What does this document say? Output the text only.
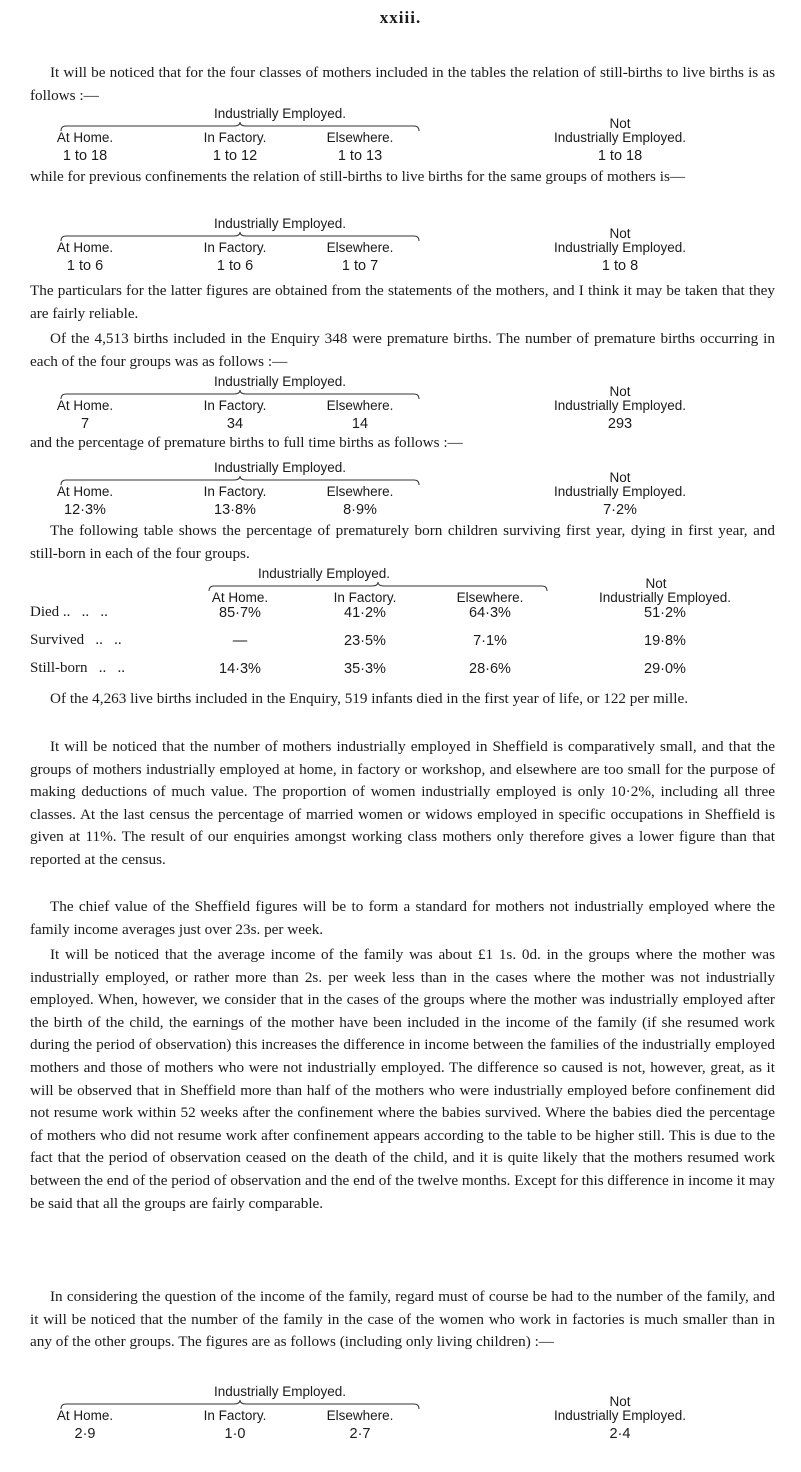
xxiii.

It will be noticed that for the four classes of mothers included in the tables the relation of still-births to live births is as follows :—

Industrially Employed.
Not
At Home.	In Factory.	Elsewhere.	Industrially Employed.
1 to 18	1 to 12	1 to 13	1 to 18

while for previous confinements the relation of still-births to live births for the same groups of mothers is—

Industrially Employed.
Not
At Home.	In Factory.	Elsewhere.	Industrially Employed.
1 to 6	1 to 6	1 to 7	1 to 8

The particulars for the latter figures are obtained from the statements of the mothers, and I think it may be taken that they are fairly reliable.

Of the 4,513 births included in the Enquiry 348 were premature births. The number of premature births occurring in each of the four groups was as follows :—

Industrially Employed.
Not
At Home.	In Factory.	Elsewhere.	Industrially Employed.
7	34	14	293

and the percentage of premature births to full time births as follows :—

Industrially Employed.
Not
At Home.	In Factory.	Elsewhere.	Industrially Employed.
12·3%	13·8%	8·9%	7·2%

The following table shows the percentage of prematurely born children surviving first year, dying in first year, and still-born in each of the four groups.

Industrially Employed.
Not
At Home.	In Factory.	Elsewhere.	Industrially Employed.
Died ..   ..   ..	85·7%	41·2%	64·3%	51·2%
Survived   ..   ..	—	23·5%	7·1%	19·8%
Still-born   ..   ..	14·3%	35·3%	28·6%	29·0%

Of the 4,263 live births included in the Enquiry, 519 infants died in the first year of life, or 122 per mille.

It will be noticed that the number of mothers industrially employed in Sheffield is comparatively small, and that the groups of mothers industrially employed at home, in factory or workshop, and elsewhere are too small for the purpose of making deductions of much value. The proportion of women industrially employed is only 10·2%, including all three classes. At the last census the percentage of married women or widows employed in specific occupations in Sheffield is given at 11%. The result of our enquiries amongst working class mothers only therefore gives a lower figure than that reported at the census.

The chief value of the Sheffield figures will be to form a standard for mothers not industrially employed where the family income averages just over 23s. per week.

It will be noticed that the average income of the family was about £1 1s. 0d. in the groups where the mother was industrially employed, or rather more than 2s. per week less than in the cases where the mother was not industrially employed. When, however, we consider that in the cases of the groups where the mother was industrially employed after the birth of the child, the earnings of the mother have been included in the income of the family (if she resumed work during the period of observation) this increases the difference in income between the families of the industrially employed mothers and those of mothers who were not industrially employed. The difference so caused is not, however, great, as it will be observed that in Sheffield more than half of the mothers who were industrially employed before confinement did not resume work within 52 weeks after the confinement where the babies survived. Where the babies died the percentage of mothers who did not resume work after confinement appears according to the table to be higher still. This is due to the fact that the period of observation ceased on the death of the child, and it is quite likely that the mothers resumed work between the end of the period of observation and the end of the twelve months. Except for this difference in income it may be said that all the groups are fairly comparable.

In considering the question of the income of the family, regard must of course be had to the number of the family, and it will be noticed that the number of the family in the case of the women who work in factories is much smaller than in any of the other groups. The figures are as follows (including only living children) :—

Industrially Employed.
Not
At Home.	In Factory.	Elsewhere.	Industrially Employed.
2·9	1·0	2·7	2·4
